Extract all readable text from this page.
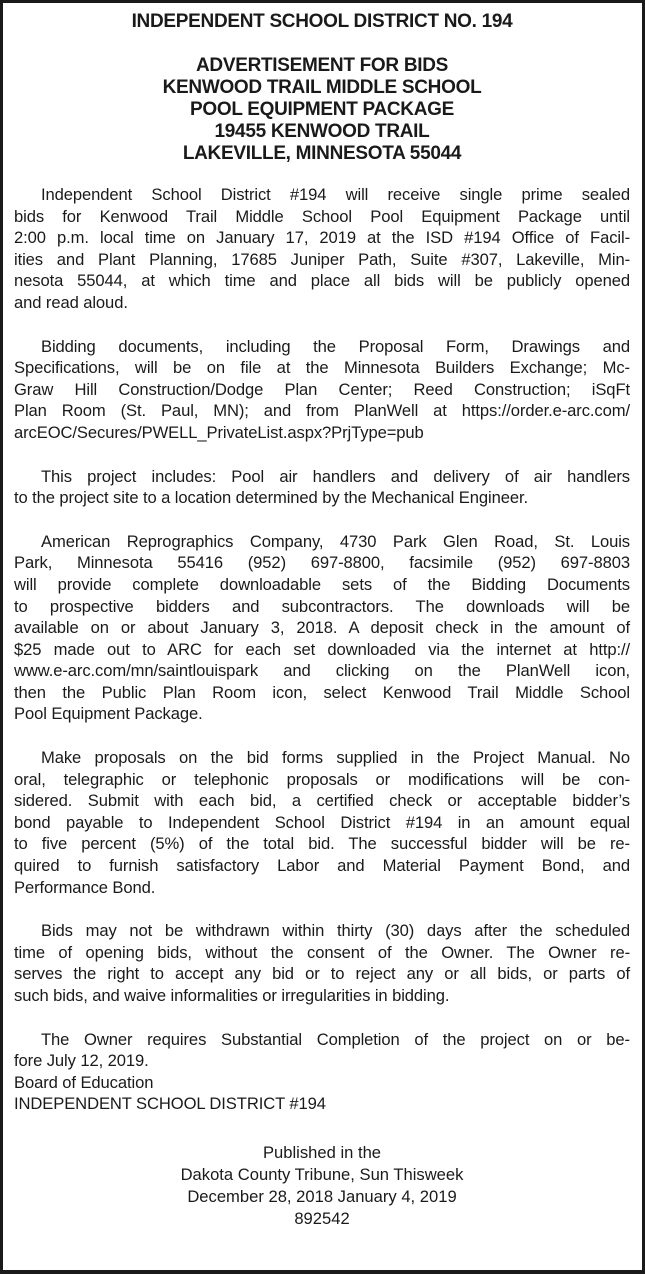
INDEPENDENT SCHOOL DISTRICT NO. 194
ADVERTISEMENT FOR BIDS
KENWOOD TRAIL MIDDLE SCHOOL
POOL EQUIPMENT PACKAGE
19455 KENWOOD TRAIL
LAKEVILLE, MINNESOTA 55044
Independent School District #194 will receive single prime sealed
bids for Kenwood Trail Middle School Pool Equipment Package until
2:00 p.m. local time on January 17, 2019 at the ISD #194 Office of Facil-
ities and Plant Planning, 17685 Juniper Path, Suite #307, Lakeville, Min-
nesota 55044, at which time and place all bids will be publicly opened
and read aloud.
Bidding documents, including the Proposal Form, Drawings and
Specifications, will be on file at the Minnesota Builders Exchange; Mc-
Graw Hill Construction/Dodge Plan Center; Reed Construction; iSqFt
Plan Room (St. Paul, MN); and from PlanWell at https://order.e-arc.com/
arcEOC/Secures/PWELL_PrivateList.aspx?PrjType=pub
This project includes: Pool air handlers and delivery of air handlers
to the project site to a location determined by the Mechanical Engineer.
American Reprographics Company, 4730 Park Glen Road, St. Louis
Park, Minnesota 55416 (952) 697-8800, facsimile (952) 697-8803
will provide complete downloadable sets of the Bidding Documents
to prospective bidders and subcontractors. The downloads will be
available on or about January 3, 2018. A deposit check in the amount of
$25 made out to ARC for each set downloaded via the internet at http://
www.e-arc.com/mn/saintlouispark and clicking on the PlanWell icon,
then the Public Plan Room icon, select Kenwood Trail Middle School
Pool Equipment Package.
Make proposals on the bid forms supplied in the Project Manual. No
oral, telegraphic or telephonic proposals or modifications will be con-
sidered. Submit with each bid, a certified check or acceptable bidder’s
bond payable to Independent School District #194 in an amount equal
to five percent (5%) of the total bid. The successful bidder will be re-
quired to furnish satisfactory Labor and Material Payment Bond, and
Performance Bond.
Bids may not be withdrawn within thirty (30) days after the scheduled
time of opening bids, without the consent of the Owner. The Owner re-
serves the right to accept any bid or to reject any or all bids, or parts of
such bids, and waive informalities or irregularities in bidding.
The Owner requires Substantial Completion of the project on or be-
fore July 12, 2019.
Board of Education
INDEPENDENT SCHOOL DISTRICT #194
Published in the
Dakota County Tribune, Sun Thisweek
December 28, 2018 January 4, 2019
892542
